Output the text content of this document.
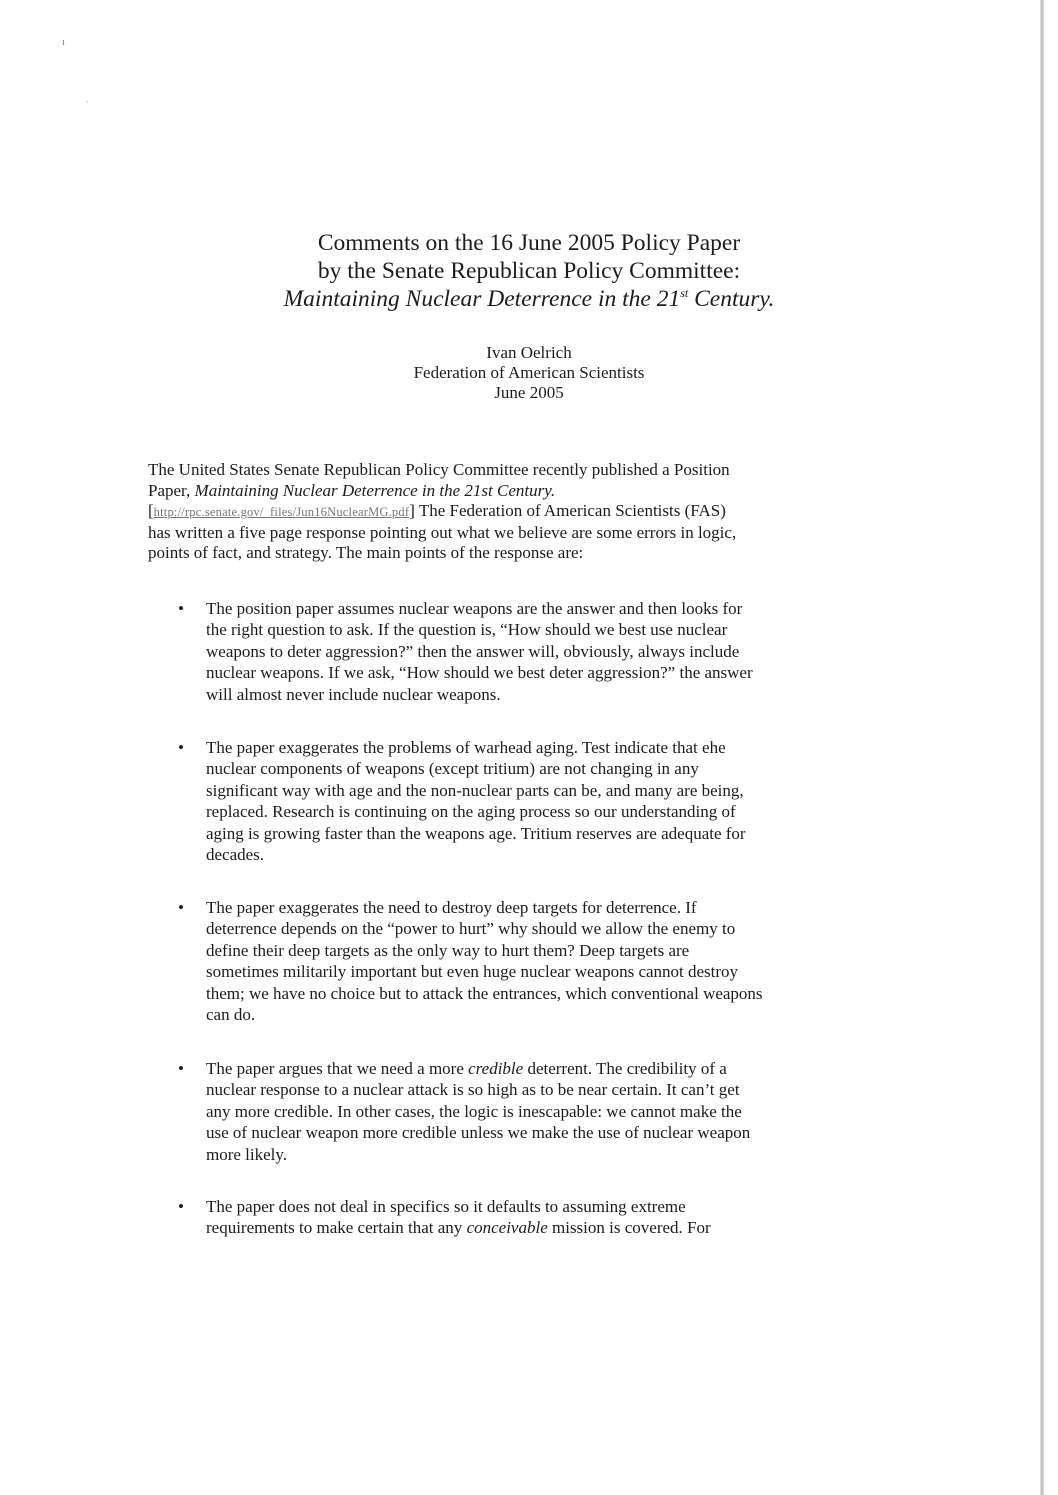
ı
·
Comments on the 16 June 2005 Policy Paper
by the Senate Republican Policy Committee:
Maintaining Nuclear Deterrence in the 21st Century.
Ivan Oelrich
Federation of American Scientists
June 2005
The United States Senate Republican Policy Committee recently published a Position
Paper, Maintaining Nuclear Deterrence in the 21st Century.
[http://rpc.senate.gov/_files/Jun16NuclearMG.pdf] The Federation of American Scientists (FAS)
has written a five page response pointing out what we believe are some errors in logic,
points of fact, and strategy. The main points of the response are:
• The position paper assumes nuclear weapons are the answer and then looks for
the right question to ask. If the question is, “How should we best use nuclear
weapons to deter aggression?” then the answer will, obviously, always include
nuclear weapons. If we ask, “How should we best deter aggression?” the answer
will almost never include nuclear weapons.
• The paper exaggerates the problems of warhead aging. Test indicate that ehe
nuclear components of weapons (except tritium) are not changing in any
significant way with age and the non-nuclear parts can be, and many are being,
replaced. Research is continuing on the aging process so our understanding of
aging is growing faster than the weapons age. Tritium reserves are adequate for
decades.
• The paper exaggerates the need to destroy deep targets for deterrence. If
deterrence depends on the “power to hurt” why should we allow the enemy to
define their deep targets as the only way to hurt them? Deep targets are
sometimes militarily important but even huge nuclear weapons cannot destroy
them; we have no choice but to attack the entrances, which conventional weapons
can do.
• The paper argues that we need a more credible deterrent. The credibility of a
nuclear response to a nuclear attack is so high as to be near certain. It can’t get
any more credible. In other cases, the logic is inescapable: we cannot make the
use of nuclear weapon more credible unless we make the use of nuclear weapon
more likely.
• The paper does not deal in specifics so it defaults to assuming extreme
requirements to make certain that any conceivable mission is covered. For
